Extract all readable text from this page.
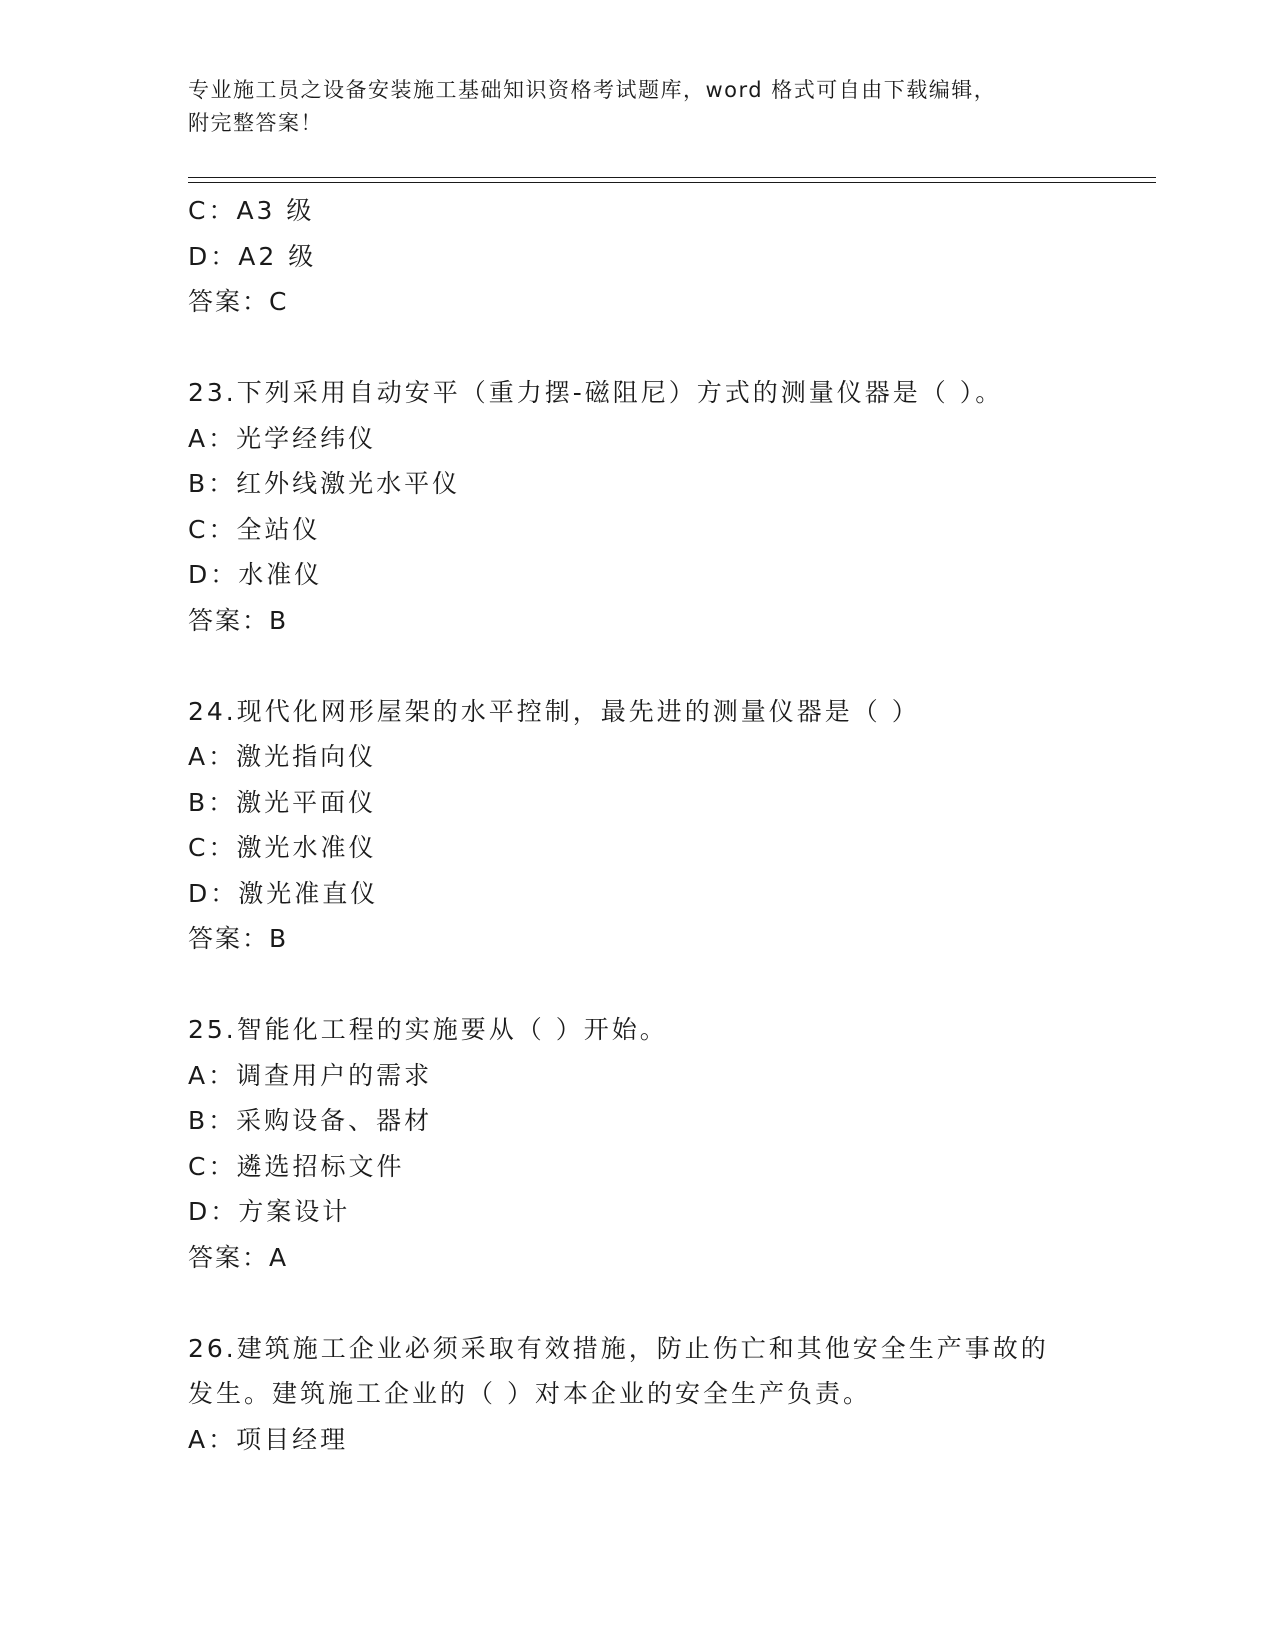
专业施工员之设备安装施工基础知识资格考试题库，word 格式可自由下载编辑，
附完整答案！
C：A3 级
D：A2 级
答案：C
23.下列采用自动安平（重力摆-磁阻尼）方式的测量仪器是（ ）。
A：光学经纬仪
B：红外线激光水平仪
C：全站仪
D：水准仪
答案：B
24.现代化网形屋架的水平控制，最先进的测量仪器是（ ）
A：激光指向仪
B：激光平面仪
C：激光水准仪
D：激光准直仪
答案：B
25.智能化工程的实施要从（ ）开始。
A：调查用户的需求
B：采购设备、器材
C：遴选招标文件
D：方案设计
答案：A
26.建筑施工企业必须采取有效措施，防止伤亡和其他安全生产事故的
发生。建筑施工企业的（ ）对本企业的安全生产负责。
A：项目经理
